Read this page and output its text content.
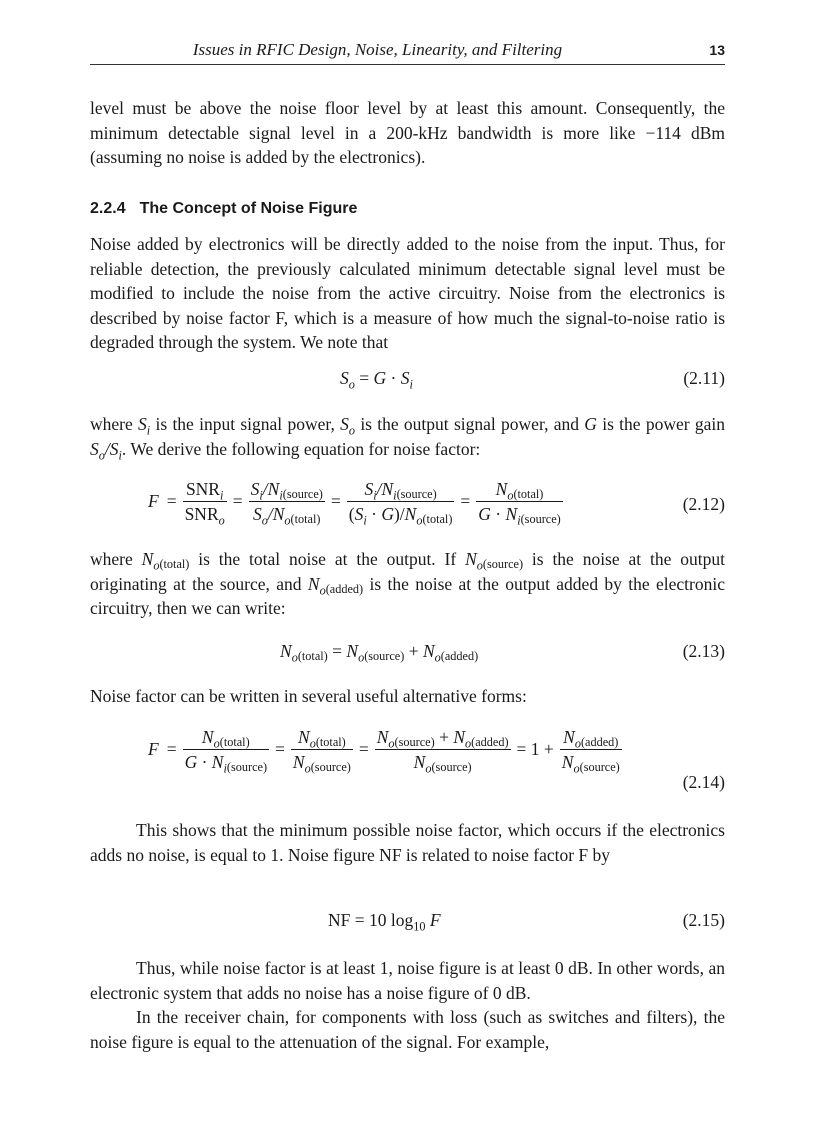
Issues in RFIC Design, Noise, Linearity, and Filtering	13

level must be above the noise floor level by at least this amount. Consequently, the minimum detectable signal level in a 200-kHz bandwidth is more like −114 dBm (assuming no noise is added by the electronics).

2.2.4 The Concept of Noise Figure

Noise added by electronics will be directly added to the noise from the input. Thus, for reliable detection, the previously calculated minimum detectable signal level must be modified to include the noise from the active circuitry. Noise from the electronics is described by noise factor F, which is a measure of how much the signal-to-noise ratio is degraded through the system. We note that

$S_o = G \cdot S_i$	(2.11)

where $S_i$ is the input signal power, $S_o$ is the output signal power, and G is the power gain $S_o/S_i$. We derive the following equation for noise factor:

$F = \frac{SNR_i}{SNR_o} = \frac{S_i/N_i(source)}{S_o/N_o(total)} = \frac{S_i/N_i(source)}{(S_i \cdot G)/N_o(total)} = \frac{N_o(total)}{G \cdot N_i(source)}$	(2.12)

where $N_o(total)$ is the total noise at the output. If $N_o(source)$ is the noise at the output originating at the source, and $N_o(added)$ is the noise at the output added by the electronic circuitry, then we can write:

$N_o(total)$ = $N_o(source)$ + $N_o(added)$	(2.13)

Noise factor can be written in several useful alternative forms:

$F = \frac{N_o(total)}{G \cdot N_i(source)} = \frac{N_o(total)}{N_o(source)} = \frac{N_o(source) + N_o(added)}{N_o(source)} = 1 + \frac{N_o(added)}{N_o(source)}$
(2.14)

This shows that the minimum possible noise factor, which occurs if the electronics adds no noise, is equal to 1. Noise figure NF is related to noise factor F by

NF = 10 $\log_{10} F$	(2.15)

Thus, while noise factor is at least 1, noise figure is at least 0 dB. In other words, an electronic system that adds no noise has a noise figure of 0 dB.

In the receiver chain, for components with loss (such as switches and filters), the noise figure is equal to the attenuation of the signal. For example,
